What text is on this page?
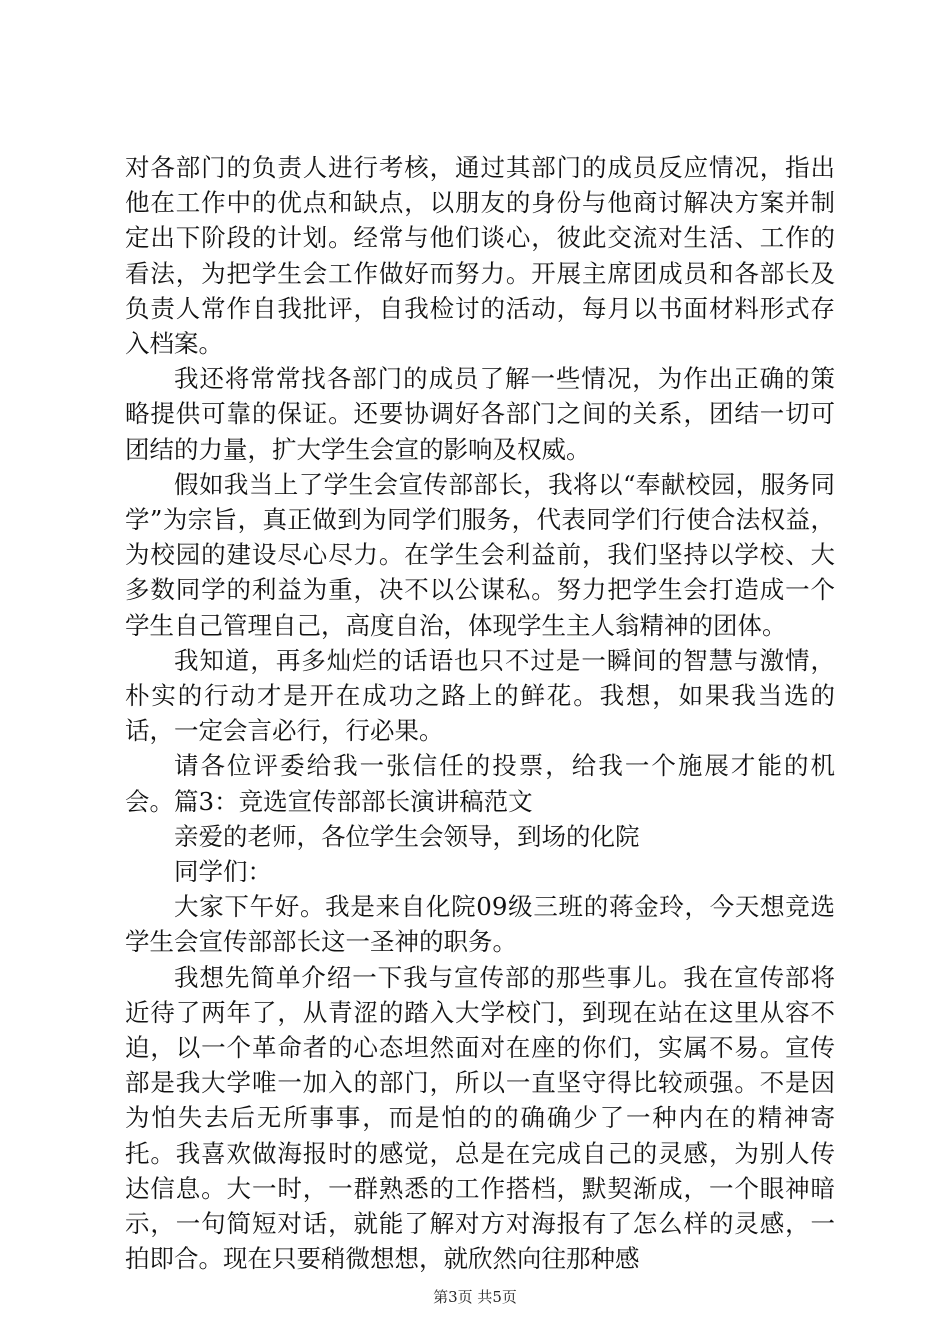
对各部门的负责人进行考核，通过其部门的成员反应情况，指出他在工作中的优点和缺点，以朋友的身份与他商讨解决方案并制定出下阶段的计划。经常与他们谈心，彼此交流对生活、工作的看法，为把学生会工作做好而努力。开展主席团成员和各部长及负责人常作自我批评，自我检讨的活动，每月以书面材料形式存入档案。

我还将常常找各部门的成员了解一些情况，为作出正确的策略提供可靠的保证。还要协调好各部门之间的关系，团结一切可团结的力量，扩大学生会宣的影响及权威。

假如我当上了学生会宣传部部长，我将以“奉献校园，服务同学”为宗旨，真正做到为同学们服务，代表同学们行使合法权益，为校园的建设尽心尽力。在学生会利益前，我们坚持以学校、大多数同学的利益为重，决不以公谋私。努力把学生会打造成一个学生自己管理自己，高度自治，体现学生主人翁精神的团体。

我知道，再多灿烂的话语也只不过是一瞬间的智慧与激情，朴实的行动才是开在成功之路上的鲜花。我想，如果我当选的话，一定会言必行，行必果。

请各位评委给我一张信任的投票，给我一个施展才能的机会。篇3：竞选宣传部部长演讲稿范文

亲爱的老师，各位学生会领导，到场的化院

同学们：

大家下午好。我是来自化院09级三班的蒋金玲，今天想竞选学生会宣传部部长这一圣神的职务。

我想先简单介绍一下我与宣传部的那些事儿。我在宣传部将近待了两年了，从青涩的踏入大学校门，到现在站在这里从容不迫，以一个革命者的心态坦然面对在座的你们，实属不易。宣传部是我大学唯一加入的部门，所以一直坚守得比较顽强。不是因为怕失去后无所事事，而是怕的的确确少了一种内在的精神寄托。我喜欢做海报时的感觉，总是在完成自己的灵感，为别人传达信息。大一时，一群熟悉的工作搭档，默契渐成，一个眼神暗示，一句简短对话，就能了解对方对海报有了怎么样的灵感，一拍即合。现在只要稍微想想，就欣然向往那种感

第3页 共5页
